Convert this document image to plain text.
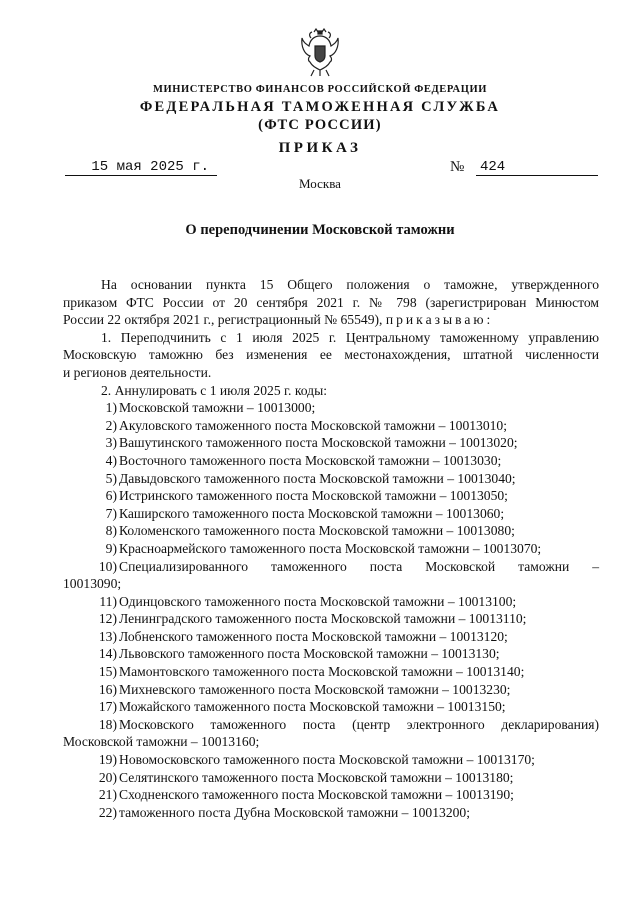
МИНИСТЕРСТВО ФИНАНСОВ РОССИЙСКОЙ ФЕДЕРАЦИИ
ФЕДЕРАЛЬНАЯ ТАМОЖЕННАЯ СЛУЖБА
(ФТС РОССИИ)
ПРИКАЗ
15 мая 2025 г.	№ 424
Москва
О переподчинении Московской таможни
На основании пункта 15 Общего положения о таможне, утвержденного
приказом ФТС России от 20 сентября 2021 г. № 798 (зарегистрирован Минюстом
России 22 октября 2021 г., регистрационный № 65549), приказываю:
1. Переподчинить с 1 июля 2025 г. Центральному таможенному управлению
Московскую таможню без изменения ее местонахождения, штатной численности
и регионов деятельности.
2. Аннулировать с 1 июля 2025 г. коды:
1) Московской таможни – 10013000;
2) Акуловского таможенного поста Московской таможни – 10013010;
3) Вашутинского таможенного поста Московской таможни – 10013020;
4) Восточного таможенного поста Московской таможни – 10013030;
5) Давыдовского таможенного поста Московской таможни – 10013040;
6) Истринского таможенного поста Московской таможни – 10013050;
7) Каширского таможенного поста Московской таможни – 10013060;
8) Коломенского таможенного поста Московской таможни – 10013080;
9) Красноармейского таможенного поста Московской таможни – 10013070;
10) Специализированного таможенного поста Московской таможни –
10013090;
11) Одинцовского таможенного поста Московской таможни – 10013100;
12) Ленинградского таможенного поста Московской таможни – 10013110;
13) Лобненского таможенного поста Московской таможни – 10013120;
14) Львовского таможенного поста Московской таможни – 10013130;
15) Мамонтовского таможенного поста Московской таможни – 10013140;
16) Михневского таможенного поста Московской таможни – 10013230;
17) Можайского таможенного поста Московской таможни – 10013150;
18) Московского таможенного поста (центр электронного декларирования)
Московской таможни – 10013160;
19) Новомосковского таможенного поста Московской таможни – 10013170;
20) Селятинского таможенного поста Московской таможни – 10013180;
21) Сходненского таможенного поста Московской таможни – 10013190;
22) таможенного поста Дубна Московской таможни – 10013200;
